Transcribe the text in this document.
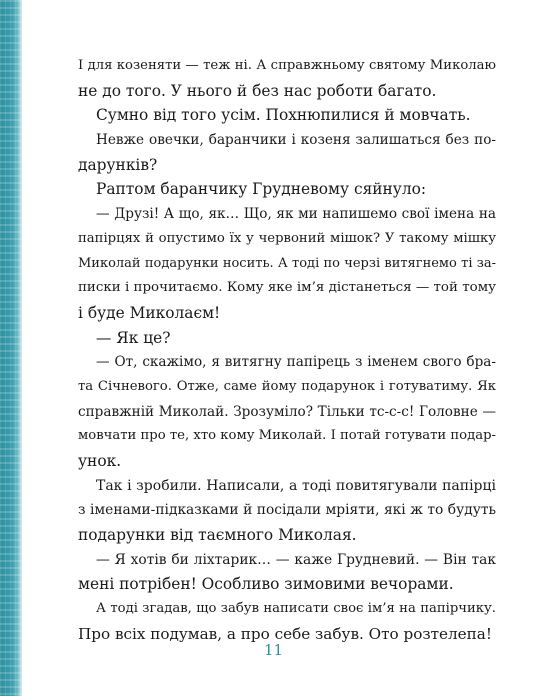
І для козеняти — теж ні. А справжньому святому Миколаю
не до того. У нього й без нас роботи багато.
Сумно від того усім. Похнюпилися й мовчать.
Невже овечки, баранчики і козеня залишаться без по-
дарунків?
Раптом баранчику Грудневому сяйнуло:
— Друзі! А що, як… Що, як ми напишемо свої імена на
папірцях й опустимо їх у червоний мішок? У такому мішку
Миколай подарунки носить. А тоді по черзі витягнемо ті за-
писки і прочитаємо. Кому яке ім’я дістанеться — той тому
і буде Миколаєм!
— Як це?
— От, скажімо, я витягну папірець з іменем свого бра-
та Січневого. Отже, саме йому подарунок і готуватиму. Як
справжній Миколай. Зрозуміло? Тільки тс-с-с! Головне —
мовчати про те, хто кому Миколай. І потай готувати подар-
унок.
Так і зробили. Написали, а тоді повитягували папірці
з іменами-підказками й посідали мріяти, які ж то будуть
подарунки від таємного Миколая.
— Я хотів би ліхтарик… — каже Грудневий. — Він так
мені потрібен! Особливо зимовими вечорами.
А тоді згадав, що забув написати своє ім’я на папірчику.
Про всіх подумав, а про себе забув. Ото розтелепа!
11
